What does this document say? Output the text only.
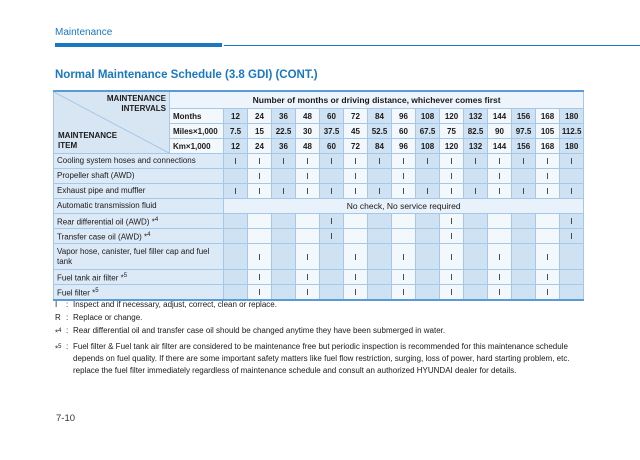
Maintenance
Normal Maintenance Schedule (3.8 GDI) (CONT.)
MAINTENANCE INTERVALS
MAINTENANCE ITEM	Number of months or driving distance, whichever comes first															
	Months	12	24	36	48	60	72	84	96	108	120	132	144	156	168	180
	Miles×1,000	7.5	15	22.5	30	37.5	45	52.5	60	67.5	75	82.5	90	97.5	105	112.5
	Km×1,000	12	24	36	48	60	72	84	96	108	120	132	144	156	168	180
Cooling system hoses and connections		I	I	I	I	I	I	I	I	I	I	I	I	I	I	I
Propeller shaft (AWD)			I		I		I		I		I		I		I	
Exhaust pipe and muffler		I	I	I	I	I	I	I	I	I	I	I	I	I	I	I
Automatic transmission fluid		No check, No service required														
Rear differential oil (AWD) *$^4$						I					I					I
Transfer case oil (AWD) *$^4$						I					I					I
Vapor hose, canister, fuel filler cap and fuel tank			I		I		I		I		I		I		I	
Fuel tank air filter *$^5$			I		I		I		I		I		I		I	
Fuel filter *$^5$			I		I		I		I		I		I		I	
I	: Inspect and if necessary, adjust, correct, clean or replace.
R : Replace or change.
*$^4$ : Rear differential oil and transfer case oil should be changed anytime they have been submerged in water.
*$^5$ : Fuel filter & Fuel tank air filter are considered to be maintenance free but periodic inspection is recommended for this maintenance schedule depends on fuel quality. If there are some important safety matters like fuel flow restriction, surging, loss of power, hard starting problem, etc. replace the fuel filter immediately regardless of maintenance schedule and consult an authorized HYUNDAI dealer for details.
7-10
